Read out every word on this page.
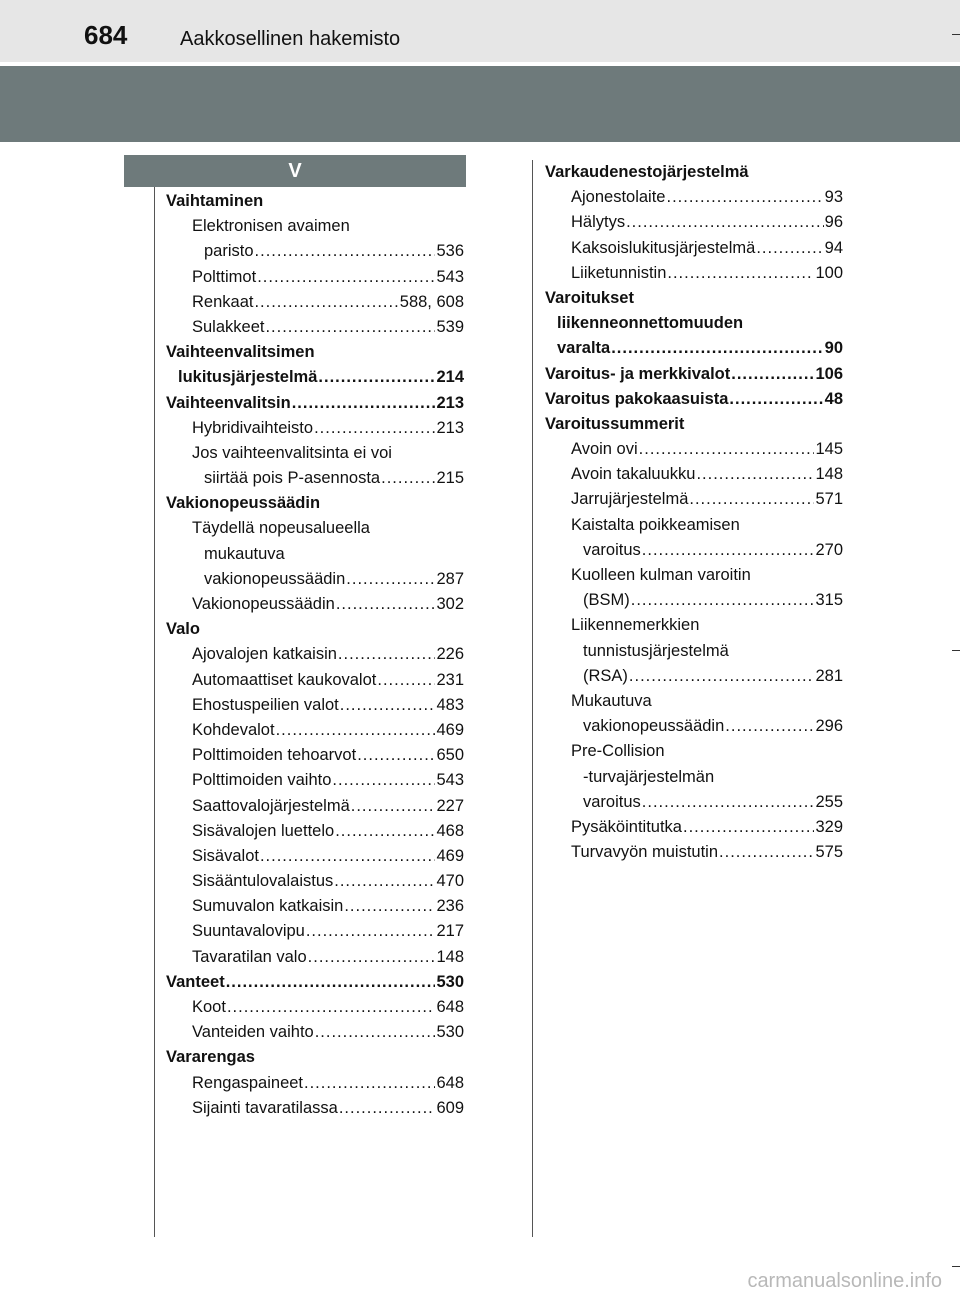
684	Aakkosellinen hakemisto
V
Vaihtaminen
Elektronisen avaimen
paristo .....	536
Polttimot .....	543
Renkaat .....	588, 608
Sulakkeet .....	539
Vaihteenvalitsimen
lukitusjärjestelmä .....	214
Vaihteenvalitsin .....	213
Hybridivaihteisto .....	213
Jos vaihteenvalitsinta ei voi
siirtää pois P-asennosta .....	215
Vakionopeussäädin
Täydellä nopeusalueella
mukautuva
vakionopeussäädin .....	287
Vakionopeussäädin .....	302
Valo
Ajovalojen katkaisin .....	226
Automaattiset kaukovalot .....	231
Ehostuspeilien valot .....	483
Kohdevalot .....	469
Polttimoiden tehoarvot .....	650
Polttimoiden vaihto .....	543
Saattovalojärjestelmä .....	227
Sisävalojen luettelo .....	468
Sisävalot .....	469
Sisääntulovalaistus .....	470
Sumuvalon katkaisin .....	236
Suuntavalovipu .....	217
Tavaratilan valo .....	148
Vanteet .....	530
Koot .....	648
Vanteiden vaihto .....	530
Vararengas
Rengaspaineet .....	648
Sijainti tavaratilassa .....	609
Varkaudenestojärjestelmä
Ajonestolaite .....	93
Hälytys .....	96
Kaksoislukitusjärjestelmä .....	94
Liiketunnistin .....	100
Varoitukset
liikenneonnettomuuden
varalta .....	90
Varoitus- ja merkkivalot .....	106
Varoitus pakokaasuista .....	48
Varoitussummerit
Avoin ovi .....	145
Avoin takaluukku .....	148
Jarrujärjestelmä .....	571
Kaistalta poikkeamisen
varoitus .....	270
Kuolleen kulman varoitin
(BSM) .....	315
Liikennemerkkien
tunnistusjärjestelmä
(RSA) .....	281
Mukautuva
vakionopeussäädin .....	296
Pre-Collision
-turvajärjestelmän
varoitus .....	255
Pysäköintitutka .....	329
Turvavyön muistutin .....	575
carmanualsonline.info
